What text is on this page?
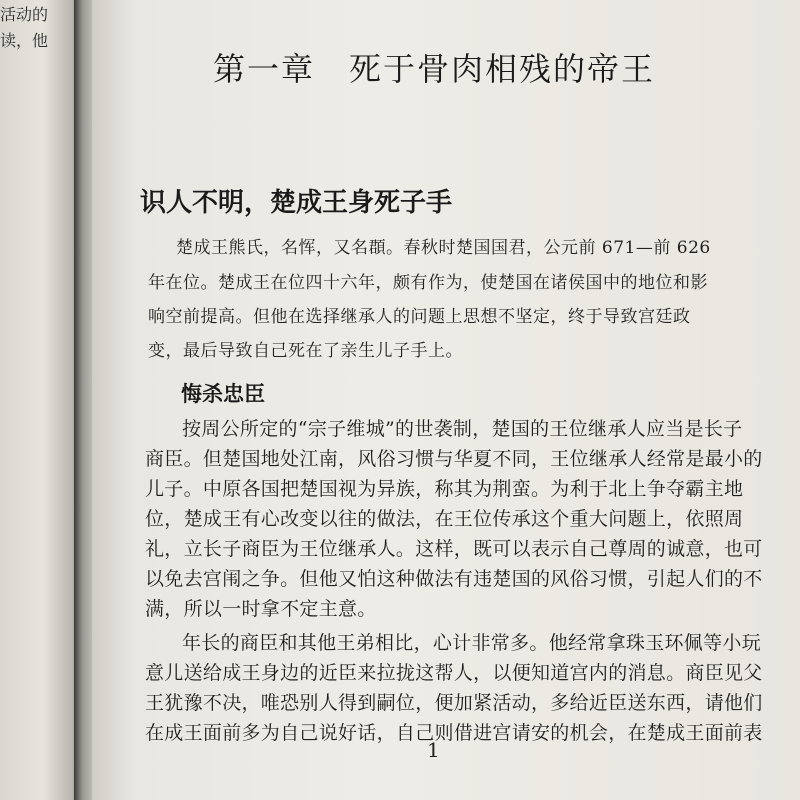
活动的
读，他
第一章　死于骨肉相残的帝王
识人不明，楚成王身死子手
楚成王熊氏，名恽，又名頵。春秋时楚国国君，公元前 671—前 626
年在位。楚成王在位四十六年，颇有作为，使楚国在诸侯国中的地位和影
响空前提高。但他在选择继承人的问题上思想不坚定，终于导致宫廷政
变，最后导致自己死在了亲生儿子手上。
悔杀忠臣
按周公所定的“宗子维城”的世袭制，楚国的王位继承人应当是长子
商臣。但楚国地处江南，风俗习惯与华夏不同，王位继承人经常是最小的
儿子。中原各国把楚国视为异族，称其为荆蛮。为利于北上争夺霸主地
位，楚成王有心改变以往的做法，在王位传承这个重大问题上，依照周
礼，立长子商臣为王位继承人。这样，既可以表示自己尊周的诚意，也可
以免去宫闱之争。但他又怕这种做法有违楚国的风俗习惯，引起人们的不
满，所以一时拿不定主意。
年长的商臣和其他王弟相比，心计非常多。他经常拿珠玉环佩等小玩
意儿送给成王身边的近臣来拉拢这帮人，以便知道宫内的消息。商臣见父
王犹豫不决，唯恐别人得到嗣位，便加紧活动，多给近臣送东西，请他们
在成王面前多为自己说好话，自己则借进宫请安的机会，在楚成王面前表
1
